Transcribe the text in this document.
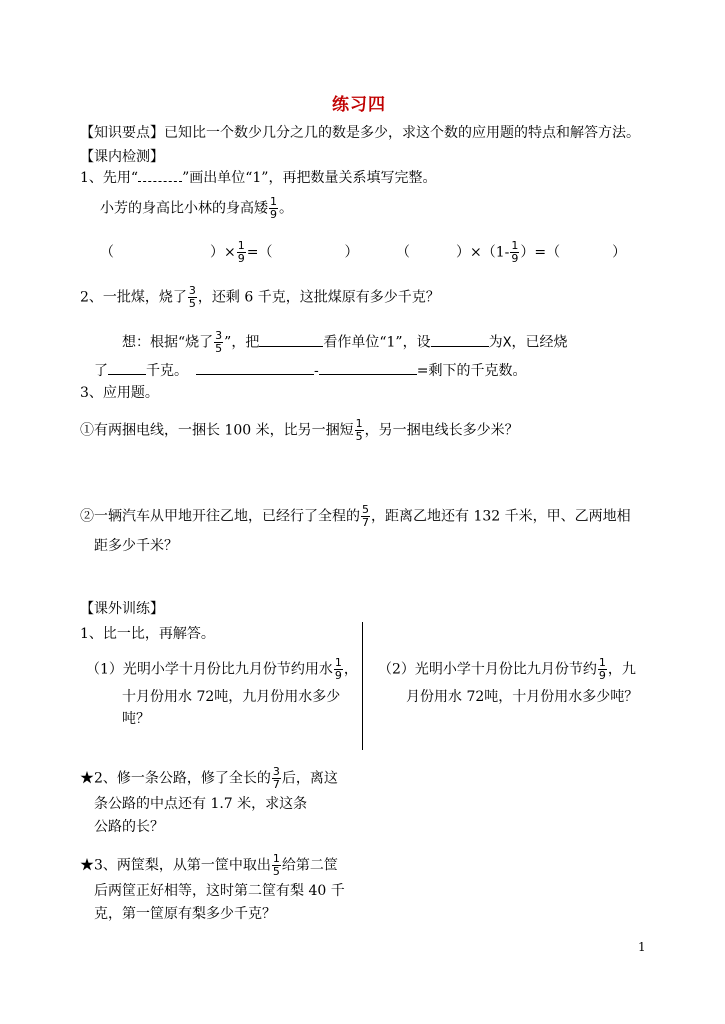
练习四
【知识要点】已知比一个数少几分之几的数是多少，求这个数的应用题的特点和解答方法。
【课内检测】
1、先用“	”画出单位“1”，再把数量关系填写完整。
小芳的身高比小林的身高矮 $\frac{1}{9}$ 。
（	）× $\frac{1}{9}$ =（	）	（	）$\times(1- \frac{1}{9}$ ）=（	）
2、一批煤，烧了 $\frac{3}{5}$ ，还剩 6 千克，这批煤原有多少千克？
想：根据“烧了 $\frac{3}{5}$ ”，把	看作单位“1”，设	为X，已经烧
了	千克。	-	=剩下的千克数。
3、应用题。
①有两捆电线，一捆长 100 米，比另一捆短 $\frac{1}{5}$ ，另一捆电线长多少米？
②一辆汽车从甲地开往乙地，已经行了全程的 $\frac{5}{7}$ ，距离乙地还有 132 千米，甲、乙两地相
距多少千米？
【课外训练】
1、比一比，再解答。
（1）光明小学十月份比九月份节约用水 $\frac{1}{9}$ ，
十月份用水 72吨，九月份用水多少
吨？
（2）光明小学十月份比九月份节约 $\frac{1}{9}$ ，九
月份用水 72吨，十月份用水多少吨？
★2、修一条公路，修了全长的 $\frac{3}{7}$ 后，离这
条公路的中点还有 1.7 米，求这条
公路的长？
★3、两筐梨，从第一筐中取出 $\frac{1}{5}$ 给第二筐
后两筐正好相等，这时第二筐有梨 40 千
克，第一筐原有梨多少千克？
1
